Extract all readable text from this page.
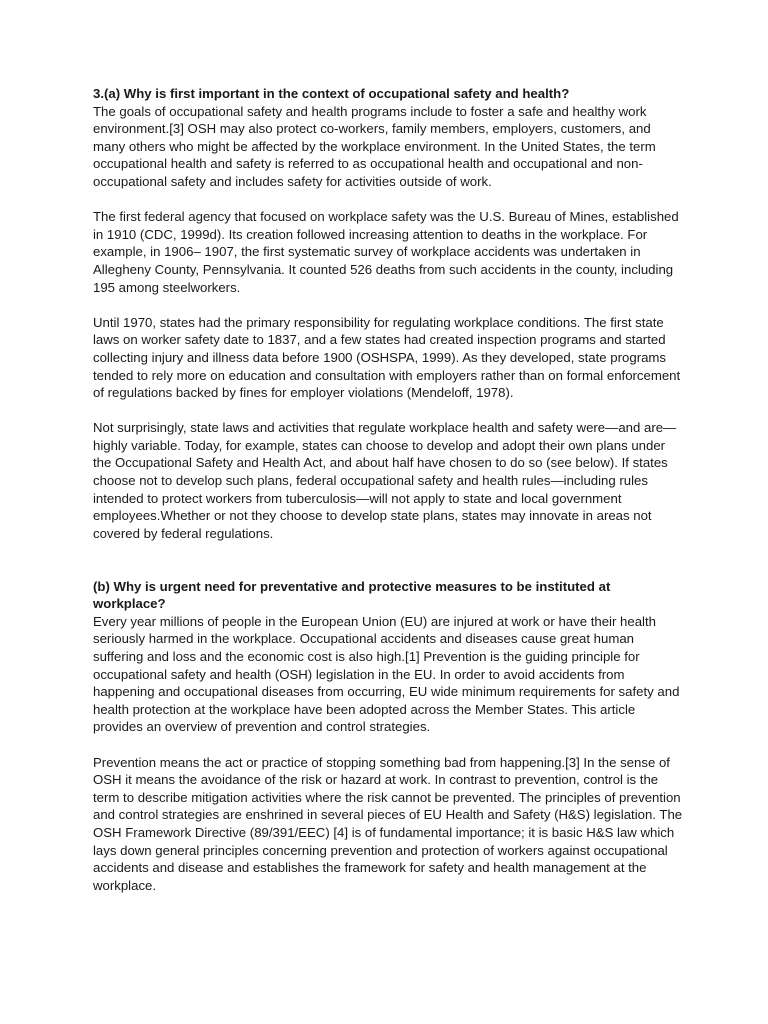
3.(a) Why is first important in the context of occupational safety and health?

The goals of occupational safety and health programs include to foster a safe and healthy work environment.[3] OSH may also protect co-workers, family members, employers, customers, and many others who might be affected by the workplace environment. In the United States, the term occupational health and safety is referred to as occupational health and occupational and non-occupational safety and includes safety for activities outside of work.

The first federal agency that focused on workplace safety was the U.S. Bureau of Mines, established in 1910 (CDC, 1999d). Its creation followed increasing attention to deaths in the workplace. For example, in 1906– 1907, the first systematic survey of workplace accidents was undertaken in Allegheny County, Pennsylvania. It counted 526 deaths from such accidents in the county, including 195 among steelworkers.

Until 1970, states had the primary responsibility for regulating workplace conditions. The first state laws on worker safety date to 1837, and a few states had created inspection programs and started collecting injury and illness data before 1900 (OSHSPA, 1999). As they developed, state programs tended to rely more on education and consultation with employers rather than on formal enforcement of regulations backed by fines for employer violations (Mendeloff, 1978).

Not surprisingly, state laws and activities that regulate workplace health and safety were—and are—highly variable. Today, for example, states can choose to develop and adopt their own plans under the Occupational Safety and Health Act, and about half have chosen to do so (see below). If states choose not to develop such plans, federal occupational safety and health rules—including rules intended to protect workers from tuberculosis—will not apply to state and local government employees.Whether or not they choose to develop state plans, states may innovate in areas not covered by federal regulations.

(b) Why is urgent need for preventative and protective measures to be instituted at workplace?

Every year millions of people in the European Union (EU) are injured at work or have their health seriously harmed in the workplace. Occupational accidents and diseases cause great human suffering and loss and the economic cost is also high.[1] Prevention is the guiding principle for occupational safety and health (OSH) legislation in the EU. In order to avoid accidents from happening and occupational diseases from occurring, EU wide minimum requirements for safety and health protection at the workplace have been adopted across the Member States. This article provides an overview of prevention and control strategies.

Prevention means the act or practice of stopping something bad from happening.[3] In the sense of OSH it means the avoidance of the risk or hazard at work. In contrast to prevention, control is the term to describe mitigation activities where the risk cannot be prevented. The principles of prevention and control strategies are enshrined in several pieces of EU Health and Safety (H&S) legislation. The OSH Framework Directive (89/391/EEC) [4] is of fundamental importance; it is basic H&S law which lays down general principles concerning prevention and protection of workers against occupational accidents and disease and establishes the framework for safety and health management at the workplace.
